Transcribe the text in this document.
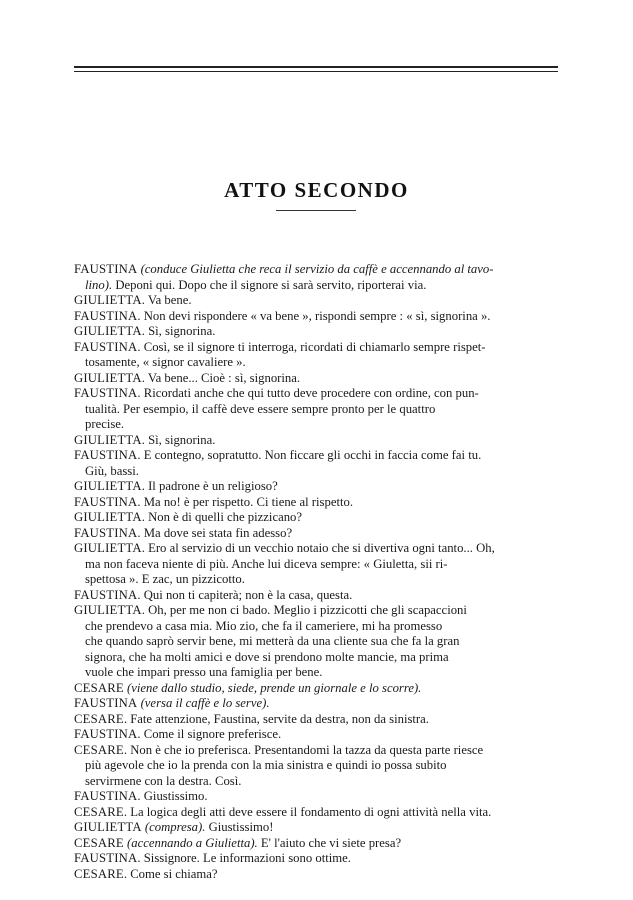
ATTO SECONDO
FAUSTINA (conduce Giulietta che reca il servizio da caffè e accennando al tavo-
lino). Deponi qui. Dopo che il signore si sarà servito, riporterai via.
GIULIETTA. Va bene.
FAUSTINA. Non devi rispondere « va bene », rispondi sempre : « sì, signorina ».
GIULIETTA. Sì, signorina.
FAUSTINA. Così, se il signore ti interroga, ricordati di chiamarlo sempre rispet-
tosamente, « signor cavaliere ».
GIULIETTA. Va bene... Cioè : sì, signorina.
FAUSTINA. Ricordati anche che qui tutto deve procedere con ordine, con pun-
tualità. Per esempio, il caffè deve essere sempre pronto per le quattro
precise.
GIULIETTA. Sì, signorina.
FAUSTINA. E contegno, sopratutto. Non ficcare gli occhi in faccia come fai tu.
Giù, bassi.
GIULIETTA. Il padrone è un religioso?
FAUSTINA. Ma no! è per rispetto. Ci tiene al rispetto.
GIULIETTA. Non è di quelli che pizzicano?
FAUSTINA. Ma dove sei stata fin adesso?
GIULIETTA. Ero al servizio di un vecchio notaio che si divertiva ogni tanto... Oh,
ma non faceva niente di più. Anche lui diceva sempre: « Giuletta, sii ri-
spettosa ». E zac, un pizzicotto.
FAUSTINA. Qui non ti capiterà; non è la casa, questa.
GIULIETTA. Oh, per me non ci bado. Meglio i pizzicotti che gli scapaccioni
che prendevo a casa mia. Mio zio, che fa il cameriere, mi ha promesso
che quando saprò servir bene, mi metterà da una cliente sua che fa la gran
signora, che ha molti amici e dove si prendono molte mancie, ma prima
vuole che impari presso una famiglia per bene.
CESARE (viene dallo studio, siede, prende un giornale e lo scorre).
FAUSTINA (versa il caffè e lo serve).
CESARE. Fate attenzione, Faustina, servite da destra, non da sinistra.
FAUSTINA. Come il signore preferisce.
CESARE. Non è che io preferisca. Presentandomi la tazza da questa parte riesce
più agevole che io la prenda con la mia sinistra e quindi io possa subito
servirmene con la destra. Così.
FAUSTINA. Giustissimo.
CESARE. La logica degli atti deve essere il fondamento di ogni attività nella vita.
GIULIETTA (compresa). Giustissimo!
CESARE (accennando a Giulietta). E' l'aiuto che vi siete presa?
FAUSTINA. Sissignore. Le informazioni sono ottime.
CESARE. Come si chiama?
